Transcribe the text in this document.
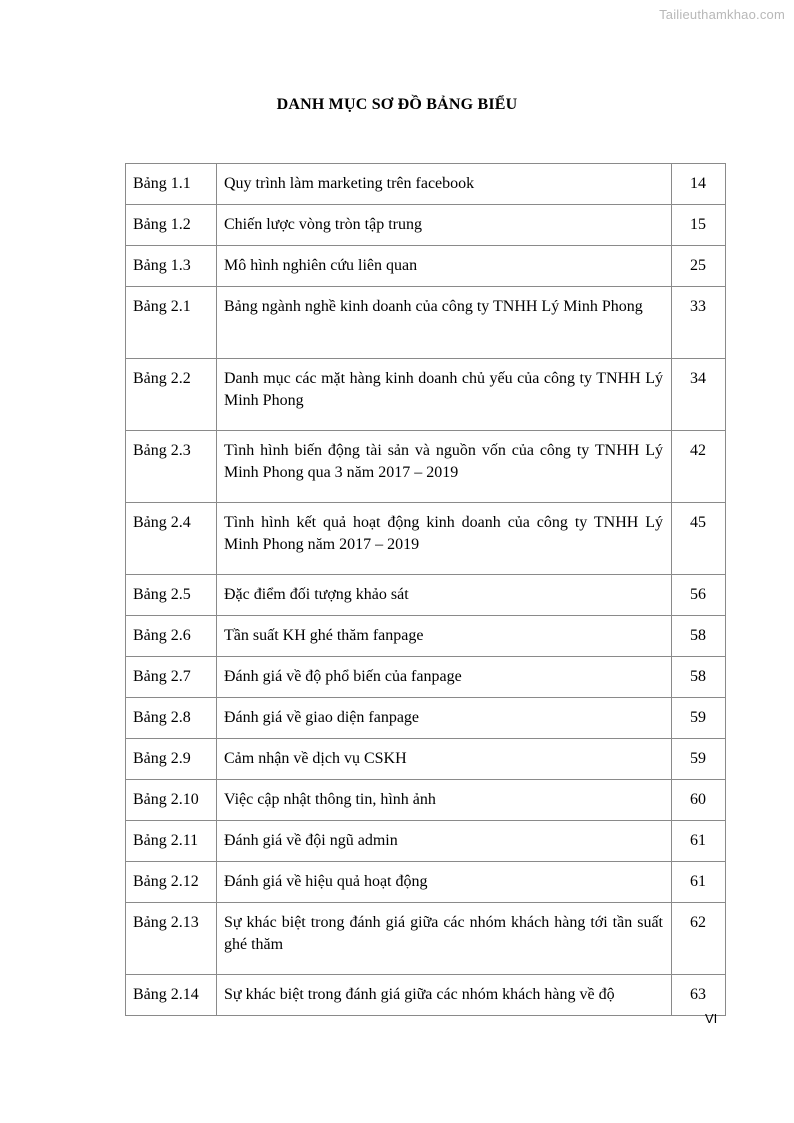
Tailieuthamkhao.com
DANH MỤC SƠ ĐỒ BẢNG BIỂU
Bảng 1.1	Quy trình làm marketing trên facebook	14
Bảng 1.2	Chiến lược vòng tròn tập trung	15
Bảng 1.3	Mô hình nghiên cứu liên quan	25
Bảng 2.1	Bảng ngành nghề kinh doanh của công ty TNHH Lý Minh Phong	33
Bảng 2.2	Danh mục các mặt hàng kinh doanh chủ yếu của công ty TNHH Lý Minh Phong	34
Bảng 2.3	Tình hình biến động tài sản và nguồn vốn của công ty TNHH Lý Minh Phong qua 3 năm 2017 – 2019	42
Bảng 2.4	Tình hình kết quả hoạt động kinh doanh của công ty TNHH Lý Minh Phong năm 2017 – 2019	45
Bảng 2.5	Đặc điểm đối tượng khảo sát	56
Bảng 2.6	Tần suất KH ghé thăm fanpage	58
Bảng 2.7	Đánh giá về độ phổ biến của fanpage	58
Bảng 2.8	Đánh giá về giao diện fanpage	59
Bảng 2.9	Cảm nhận về dịch vụ CSKH	59
Bảng 2.10	Việc cập nhật thông tin, hình ảnh	60
Bảng 2.11	Đánh giá về đội ngũ admin	61
Bảng 2.12	Đánh giá về hiệu quả hoạt động	61
Bảng 2.13	Sự khác biệt trong đánh giá giữa các nhóm khách hàng tới tần suất ghé thăm	62
Bảng 2.14	Sự khác biệt trong đánh giá giữa các nhóm khách hàng về độ	63
VI
